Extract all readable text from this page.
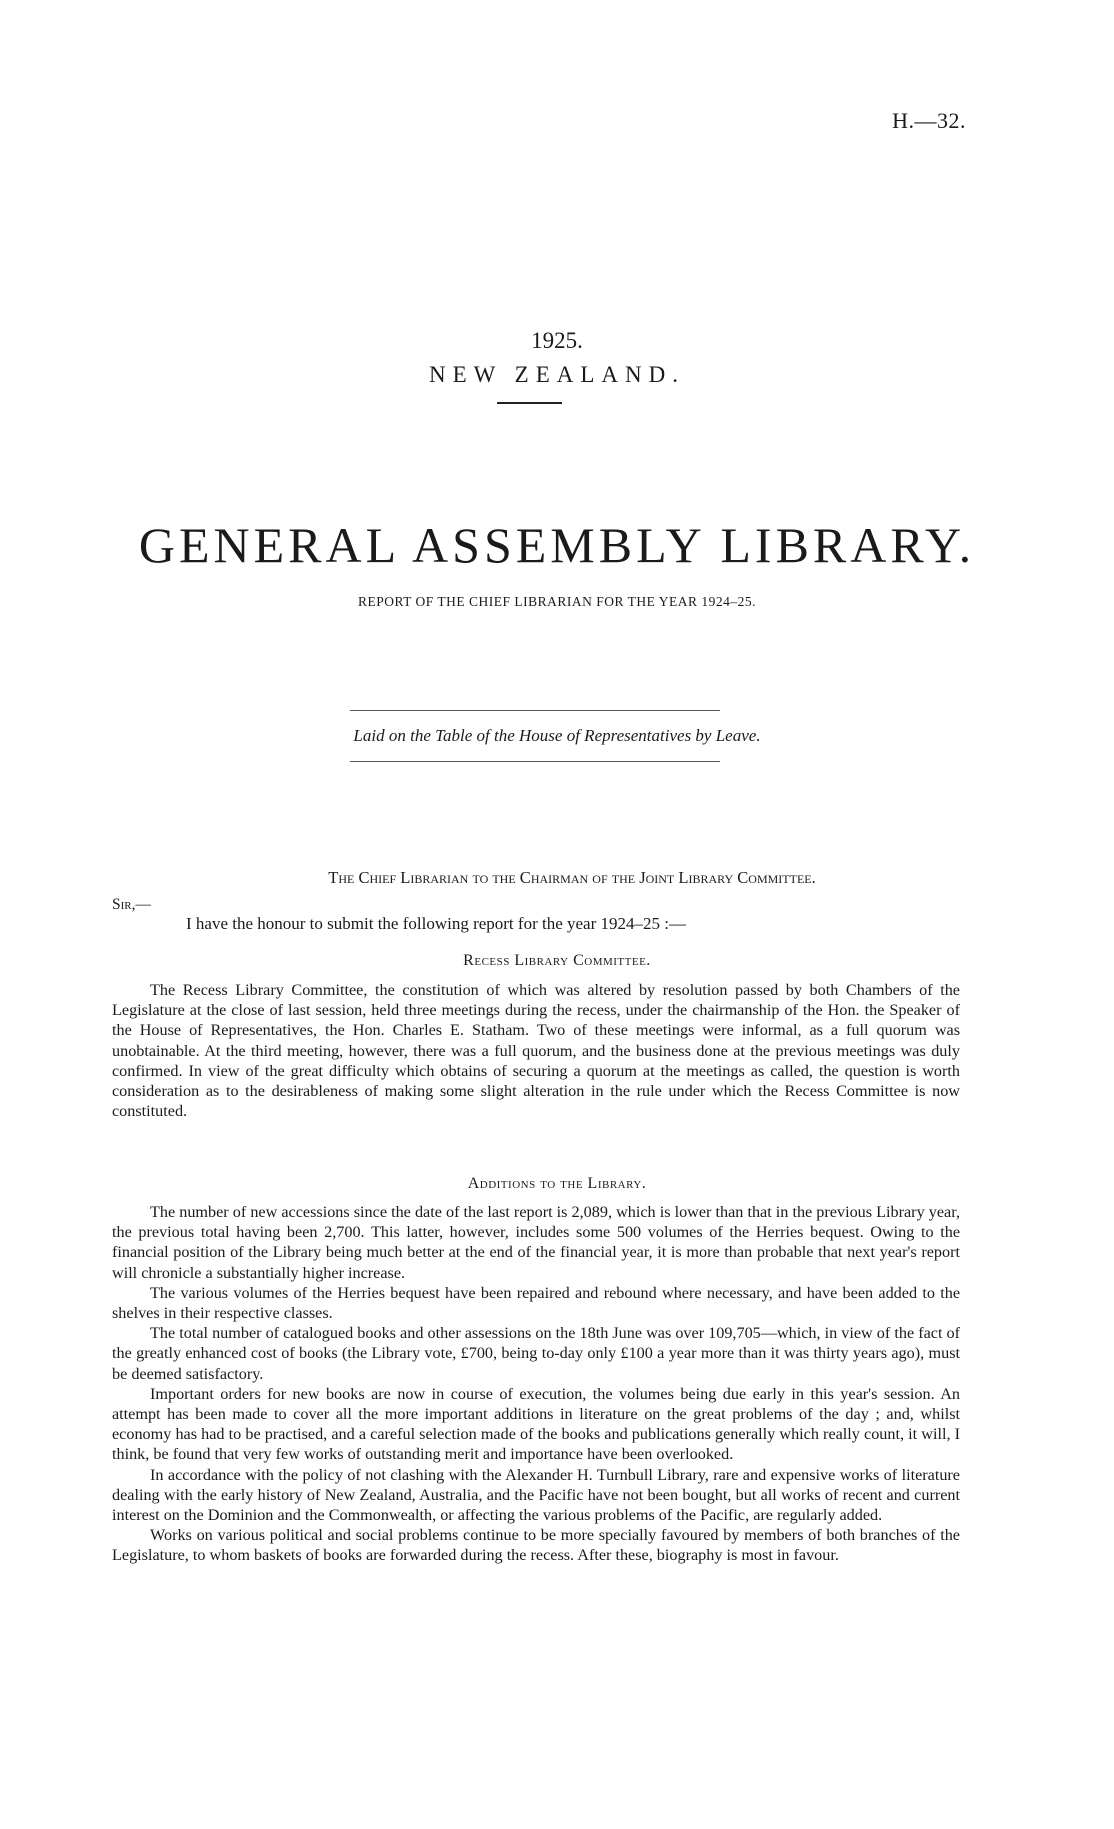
H.—32.
1925.
NEW ZEALAND.
GENERAL ASSEMBLY LIBRARY.
REPORT OF THE CHIEF LIBRARIAN FOR THE YEAR 1924–25.
Laid on the Table of the House of Representatives by Leave.
The Chief Librarian to the Chairman of the Joint Library Committee.
Sir,—
I have the honour to submit the following report for the year 1924–25 :—
Recess Library Committee.

The Recess Library Committee, the constitution of which was altered by resolution passed by both Chambers of the Legislature at the close of last session, held three meetings during the recess, under the chairmanship of the Hon. the Speaker of the House of Representatives, the Hon. Charles E. Statham. Two of these meetings were informal, as a full quorum was unobtainable. At the third meeting, however, there was a full quorum, and the business done at the previous meetings was duly confirmed. In view of the great difficulty which obtains of securing a quorum at the meetings as called, the question is worth consideration as to the desirableness of making some slight alteration in the rule under which the Recess Committee is now constituted.

Additions to the Library.

The number of new accessions since the date of the last report is 2,089, which is lower than that in the previous Library year, the previous total having been 2,700. This latter, however, includes some 500 volumes of the Herries bequest. Owing to the financial position of the Library being much better at the end of the financial year, it is more than probable that next year's report will chronicle a substantially higher increase.

The various volumes of the Herries bequest have been repaired and rebound where necessary, and have been added to the shelves in their respective classes.

The total number of catalogued books and other assessions on the 18th June was over 109,705—which, in view of the fact of the greatly enhanced cost of books (the Library vote, £700, being to-day only £100 a year more than it was thirty years ago), must be deemed satisfactory.

Important orders for new books are now in course of execution, the volumes being due early in this year's session. An attempt has been made to cover all the more important additions in literature on the great problems of the day ; and, whilst economy has had to be practised, and a careful selection made of the books and publications generally which really count, it will, I think, be found that very few works of outstanding merit and importance have been overlooked.

In accordance with the policy of not clashing with the Alexander H. Turnbull Library, rare and expensive works of literature dealing with the early history of New Zealand, Australia, and the Pacific have not been bought, but all works of recent and current interest on the Dominion and the Commonwealth, or affecting the various problems of the Pacific, are regularly added.

Works on various political and social problems continue to be more specially favoured by members of both branches of the Legislature, to whom baskets of books are forwarded during the recess. After these, biography is most in favour.
